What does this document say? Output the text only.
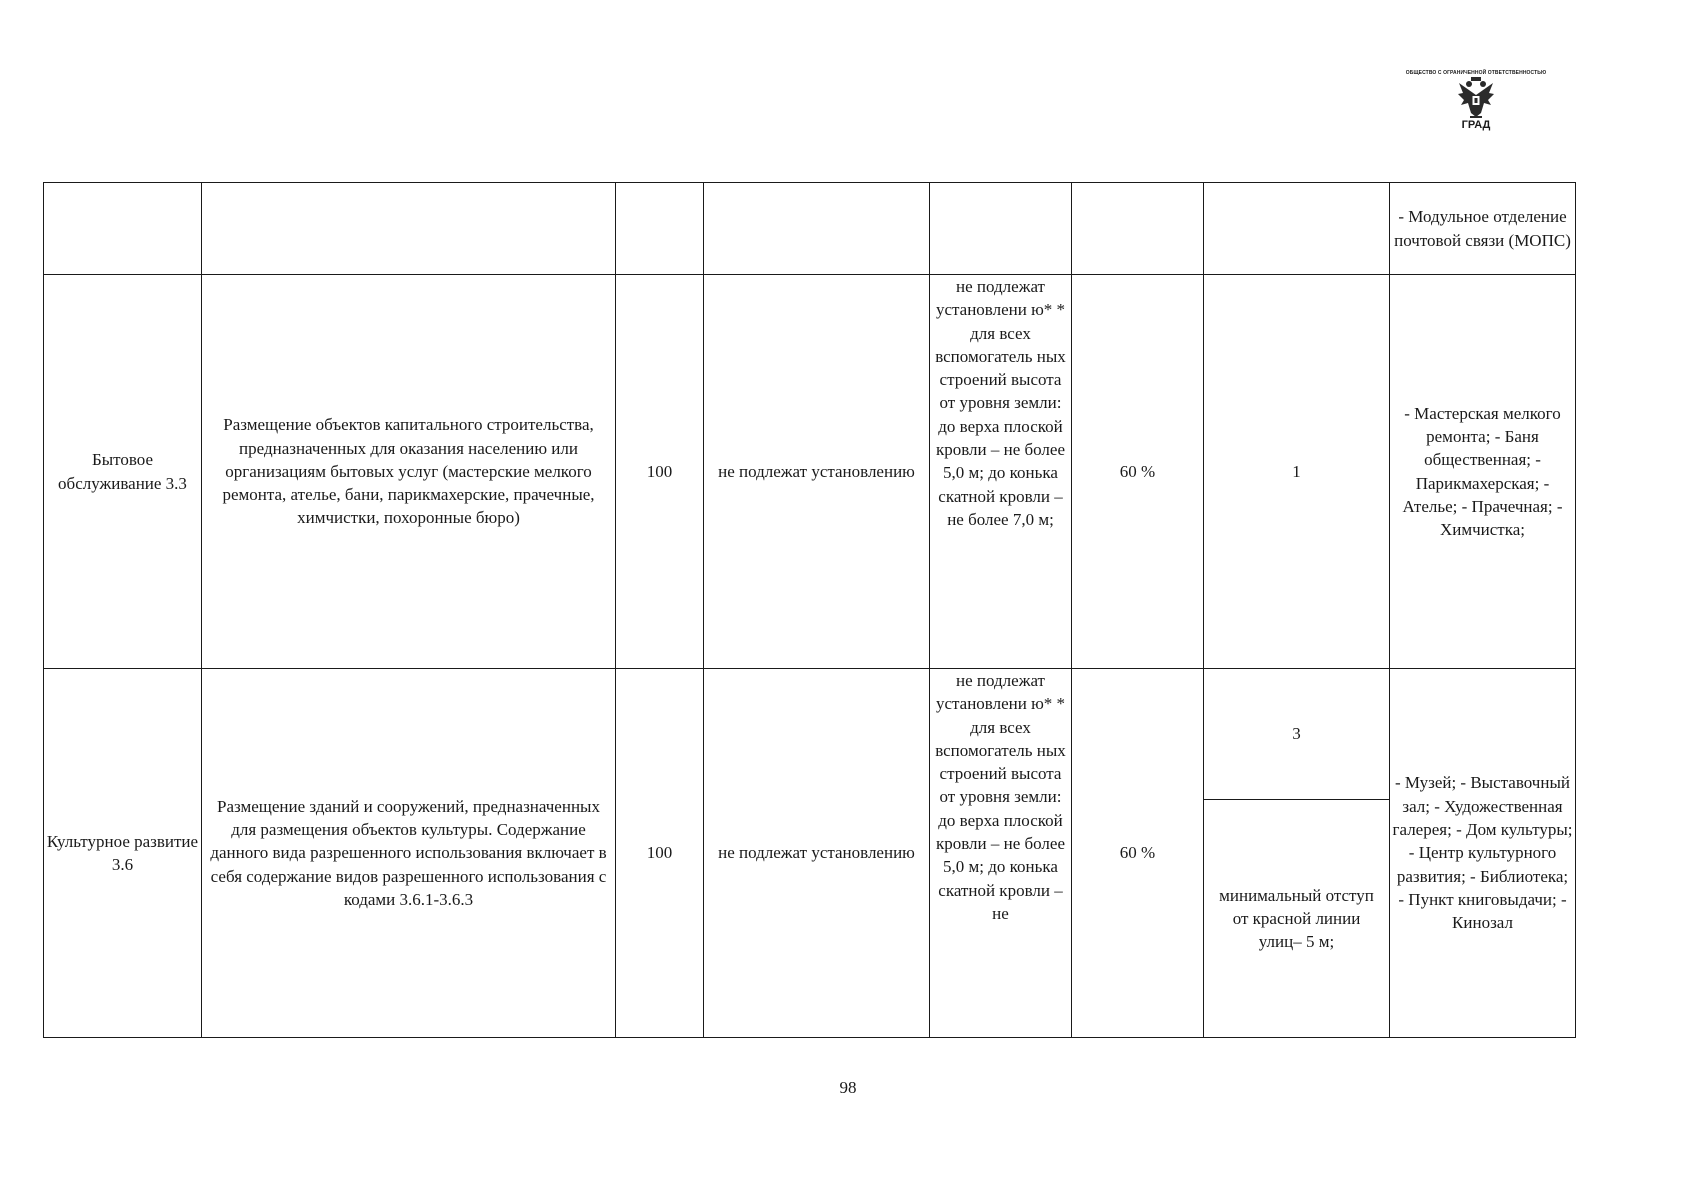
ОБЩЕСТВО С ОГРАНИЧЕННОЙ ОТВЕТСТВЕННОСТЬЮ
ГРАД
							- Модульное отделение почтовой связи (МОПС)
Бытовое обслуживание 3.3	Размещение объектов капитального строительства, предназначенных для оказания населению или организациям бытовых услуг (мастерские мелкого ремонта, ателье, бани, парикмахерские, прачечные, химчистки, похоронные бюро)	100	не подлежат установлению	не подлежат установлени ю* * для всех вспомогатель ных строений высота от уровня земли: до верха плоской кровли – не более 5,0 м; до конька скатной кровли – не более 7,0 м;	60 %	1	- Мастерская мелкого ремонта; - Баня общественная; - Парикмахерская; - Ателье; - Прачечная; - Химчистка;
Культурное развитие 3.6	Размещение зданий и сооружений, предназначенных для размещения объектов культуры. Содержание данного вида разрешенного использования включает в себя содержание видов разрешенного использования с кодами 3.6.1-3.6.3	100	не подлежат установлению	не подлежат установлени ю* * для всех вспомогатель ных строений высота от уровня земли: до верха плоской кровли – не более 5,0 м; до конька скатной кровли – не	60 %	3	- Музей; - Выставочный зал; - Художественная галерея; - Дом культуры; - Центр культурного развития; - Библиотека; - Пункт книговыдачи; - Кинозал
						минимальный отступ от красной линии улиц– 5 м;	
98
